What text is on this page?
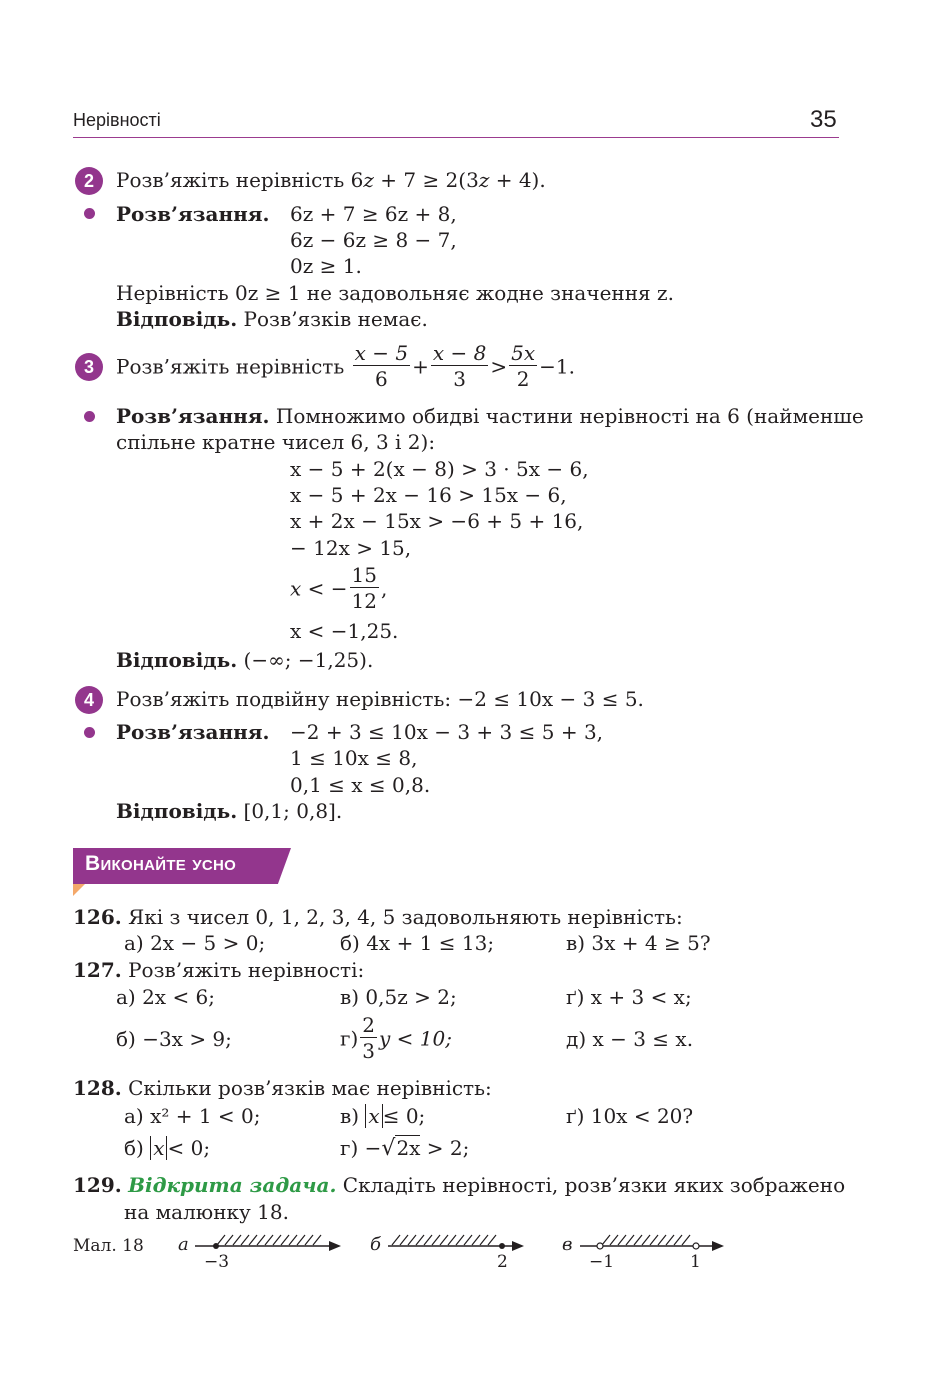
Нерівності	35
2	Розв’яжіть нерівність 6z + 7 ≥ 2(3z + 4).
Розв’язання. 6z + 7 ≥ 6z + 8,
6z − 6z ≥ 8 − 7,
0z ≥ 1.
Нерівність 0z ≥ 1 не задовольняє жодне значення z.
Відповідь. Розв’язків немає.
3	Розв’яжіть нерівність $\frac{x - 5}{6} + \frac{x - 8}{3} > \frac{5x}{2} -1$.
Розв’язання. Помножимо обидві частини нерівності на 6 (найменше
спільне кратне чисел 6, 3 і 2):
x − 5 + 2(x − 8) > 3 · 5x − 6,
x − 5 + 2x − 16 > 15x − 6,
x + 2x − 15x > −6 + 5 + 16,
− 12x > 15,
x < − $\frac{15}{12}$ ,
x < −1,25.
Відповідь. (−∞; −1,25).
4	Розв’яжіть подвійну нерівність: −2 ≤ 10x − 3 ≤ 5.
Розв’язання. −2 + 3 ≤ 10x − 3 + 3 ≤ 5 + 3,
1 ≤ 10x ≤ 8,
0,1 ≤ x ≤ 0,8.
Відповідь. [0,1; 0,8].
Виконайте усно
126. Які з чисел 0, 1, 2, 3, 4, 5 задовольняють нерівність:
а) 2x − 5 > 0;	б) 4x + 1 ≤ 13;	в) 3x + 4 ≥ 5?
127. Розв’яжіть нерівності:
а) 2x < 6;	в) 0,5z > 2;	ґ) x + 3 < x;
б) −3x > 9;	$г) \frac{2}{3}$ y < 10;	д) x − 3 ≤ x.
128. Скільки розв’язків має нерівність:
а) x² + 1 < 0;	в) x ≤ 0;	ґ) 10x < 20?
б) x < 0;	г) −√2x > 2;
129. Відкрита задача. Складіть нерівності, розв’язки яких зображено
на малюнку 18.
Мал. 18 а
−3
б
2
в
−1	1
